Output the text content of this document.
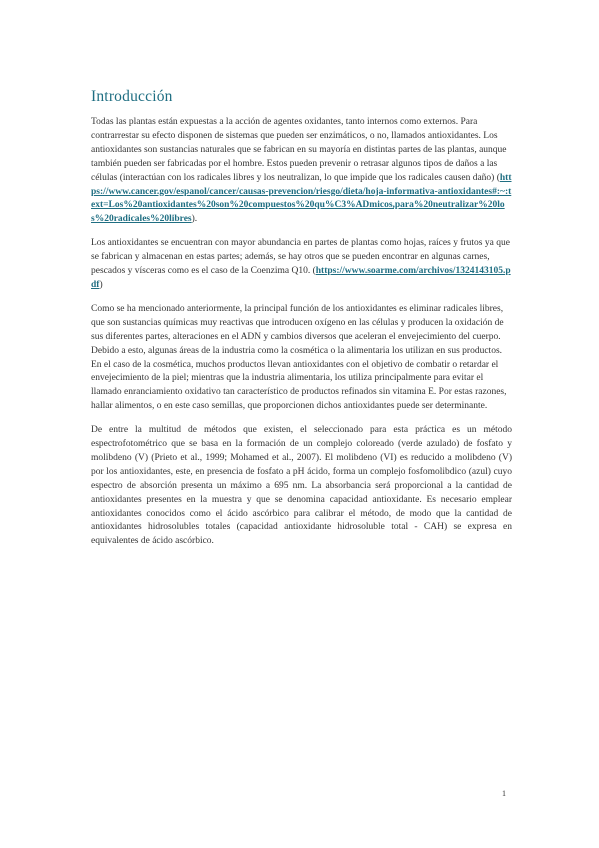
Introducción

Todas las plantas están expuestas a la acción de agentes oxidantes, tanto internos como externos. Para contrarrestar su efecto disponen de sistemas que pueden ser enzimáticos, o no, llamados antioxidantes. Los antioxidantes son sustancias naturales que se fabrican en su mayoría en distintas partes de las plantas, aunque también pueden ser fabricadas por el hombre. Estos pueden prevenir o retrasar algunos tipos de daños a las células (interactúan con los radicales libres y los neutralizan, lo que impide que los radicales causen daño) (https://www.cancer.gov/espanol/cancer/causas-prevencion/riesgo/dieta/hoja-informativa-antioxidantes#:~:text=Los%20antioxidantes%20son%20compuestos%20qu%C3%ADmicos,para%20neutralizar%20los%20radicales%20libres).

Los antioxidantes se encuentran con mayor abundancia en partes de plantas como hojas, raíces y frutos ya que se fabrican y almacenan en estas partes; además, se hay otros que se pueden encontrar en algunas carnes, pescados y vísceras como es el caso de la Coenzima Q10. (https://www.soarme.com/archivos/1324143105.pdf)

Como se ha mencionado anteriormente, la principal función de los antioxidantes es eliminar radicales libres, que son sustancias químicas muy reactivas que introducen oxígeno en las células y producen la oxidación de sus diferentes partes, alteraciones en el ADN y cambios diversos que aceleran el envejecimiento del cuerpo. Debido a esto, algunas áreas de la industria como la cosmética o la alimentaria los utilizan en sus productos. En el caso de la cosmética, muchos productos llevan antioxidantes con el objetivo de combatir o retardar el envejecimiento de la piel; mientras que la industria alimentaria, los utiliza principalmente para evitar el llamado enranciamiento oxidativo tan característico de productos refinados sin vitamina E. Por estas razones, hallar alimentos, o en este caso semillas, que proporcionen dichos antioxidantes puede ser determinante.

De entre la multitud de métodos que existen, el seleccionado para esta práctica es un método espectrofotométrico que se basa en la formación de un complejo coloreado (verde azulado) de fosfato y molibdeno (V) (Prieto et al., 1999; Mohamed et al., 2007). El molibdeno (VI) es reducido a molibdeno (V) por los antioxidantes, este, en presencia de fosfato a pH ácido, forma un complejo fosfomolibdico (azul) cuyo espectro de absorción presenta un máximo a 695 nm. La absorbancia será proporcional a la cantidad de antioxidantes presentes en la muestra y que se denomina capacidad antioxidante. Es necesario emplear antioxidantes conocidos como el ácido ascórbico para calibrar el método, de modo que la cantidad de antioxidantes hidrosolubles totales (capacidad antioxidante hidrosoluble total - CAH) se expresa en equivalentes de ácido ascórbico.

1
